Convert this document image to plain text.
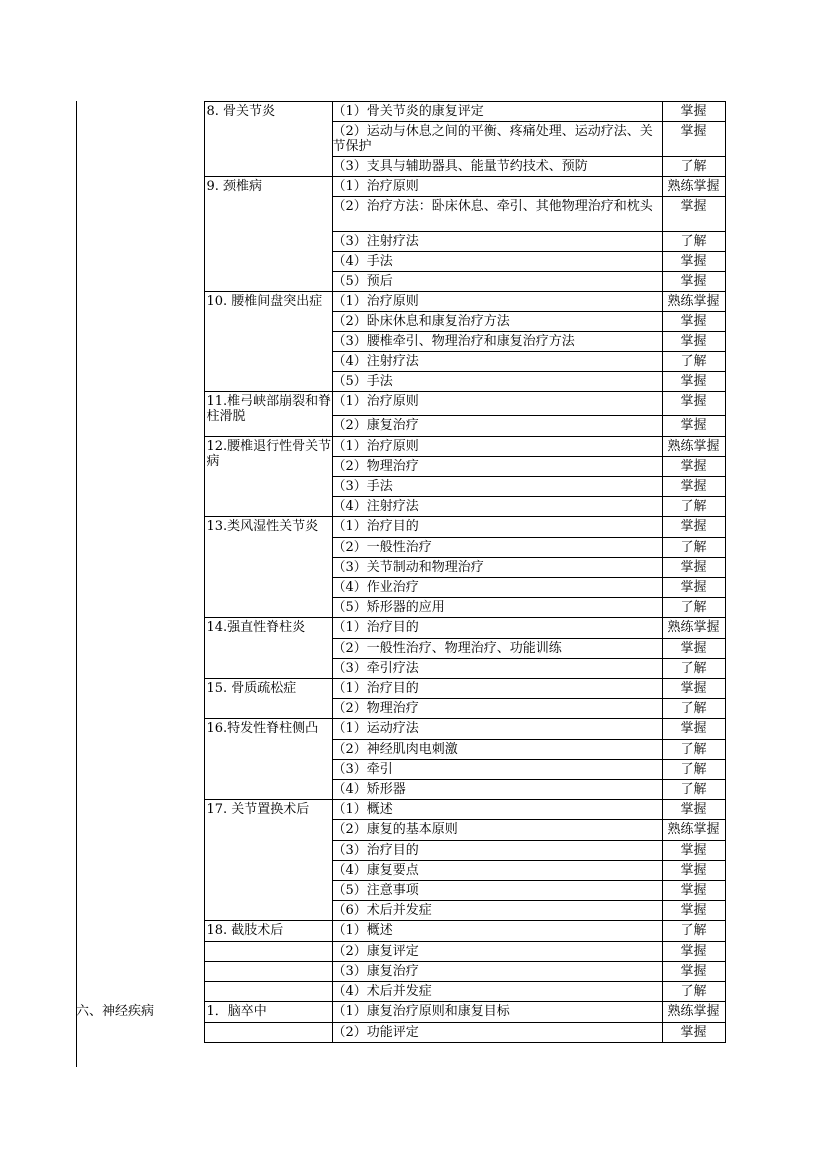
	8. 骨关节炎	（1）骨关节炎的康复评定	掌握

		（2）运动与休息之间的平衡、疼痛处理、运动疗法、关节保护	掌握

		（3）支具与辅助器具、能量节约技术、预防	了解

	9. 颈椎病	（1）治疗原则	熟练掌握

		（2）治疗方法：卧床休息、牵引、其他物理治疗和枕头	掌握

		（3）注射疗法	了解

		（4）手法	掌握

		（5）预后	掌握

	10. 腰椎间盘突出症	（1）治疗原则	熟练掌握

		（2）卧床休息和康复治疗方法	掌握

		（3）腰椎牵引、物理治疗和康复治疗方法	掌握

		（4）注射疗法	了解

		（5）手法	掌握

	11.椎弓峡部崩裂和脊柱滑脱	（1）治疗原则	掌握

		（2）康复治疗	掌握

	12.腰椎退行性骨关节病	（1）治疗原则	熟练掌握

		（2）物理治疗	掌握

		（3）手法	掌握

		（4）注射疗法	了解

	13.类风湿性关节炎	（1）治疗目的	掌握

		（2）一般性治疗	了解

		（3）关节制动和物理治疗	掌握

		（4）作业治疗	掌握

		（5）矫形器的应用	了解

	14.强直性脊柱炎	（1）治疗目的	熟练掌握

		（2）一般性治疗、物理治疗、功能训练	掌握

		（3）牵引疗法	了解

	15. 骨质疏松症	（1）治疗目的	掌握

		（2）物理治疗	了解

	16.特发性脊柱侧凸	（1）运动疗法	掌握

		（2）神经肌肉电刺激	了解

		（3）牵引	了解

		（4）矫形器	了解

	17. 关节置换术后	（1）概述	掌握

		（2）康复的基本原则	熟练掌握

		（3）治疗目的	掌握

		（4）康复要点	掌握

		（5）注意事项	掌握

		（6）术后并发症	掌握

	18. 截肢术后	（1）概述	了解

		（2）康复评定	掌握

		（3）康复治疗	掌握

		（4）术后并发症	了解

六、神经疾病	1．脑卒中	（1）康复治疗原则和康复目标	熟练掌握

		（2）功能评定	掌握
